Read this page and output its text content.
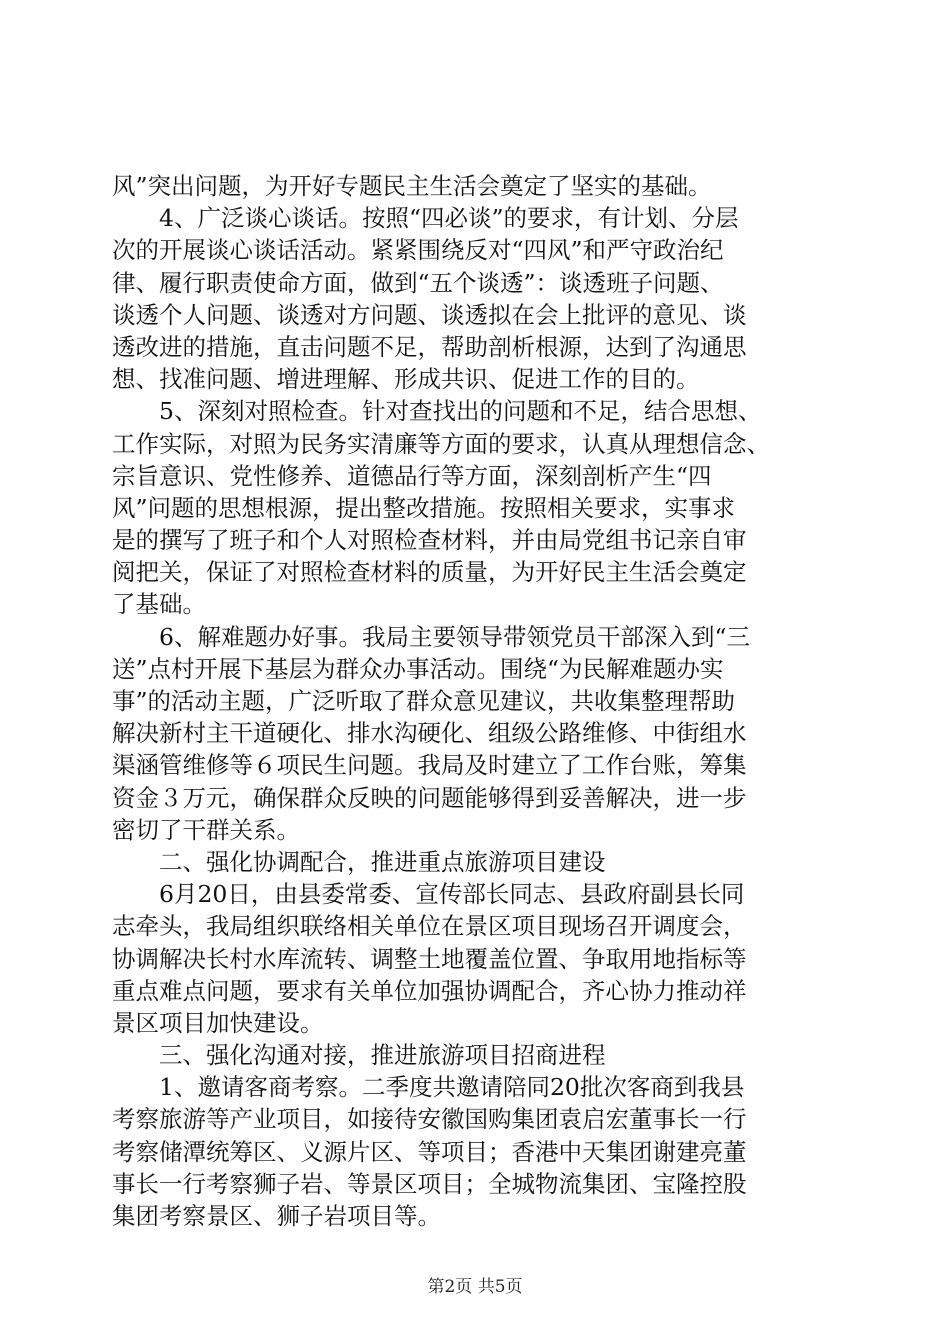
风”突出问题，为开好专题民主生活会奠定了坚实的基础。
4、广泛谈心谈话。按照“四必谈”的要求，有计划、分层
次的开展谈心谈话活动。紧紧围绕反对“四风”和严守政治纪
律、履行职责使命方面，做到“五个谈透”：谈透班子问题、
谈透个人问题、谈透对方问题、谈透拟在会上批评的意见、谈
透改进的措施，直击问题不足，帮助剖析根源，达到了沟通思
想、找准问题、增进理解、形成共识、促进工作的目的。
5、深刻对照检查。针对查找出的问题和不足，结合思想、
工作实际，对照为民务实清廉等方面的要求，认真从理想信念、
宗旨意识、党性修养、道德品行等方面，深刻剖析产生“四
风”问题的思想根源，提出整改措施。按照相关要求，实事求
是的撰写了班子和个人对照检查材料，并由局党组书记亲自审
阅把关，保证了对照检查材料的质量，为开好民主生活会奠定
了基础。
6、解难题办好事。我局主要领导带领党员干部深入到“三
送”点村开展下基层为群众办事活动。围绕“为民解难题办实
事”的活动主题，广泛听取了群众意见建议，共收集整理帮助
解决新村主干道硬化、排水沟硬化、组级公路维修、中街组水
渠涵管维修等６项民生问题。我局及时建立了工作台账，筹集
资金３万元，确保群众反映的问题能够得到妥善解决，进一步
密切了干群关系。
二、强化协调配合，推进重点旅游项目建设
6月20日，由县委常委、宣传部长同志、县政府副县长同
志牵头，我局组织联络相关单位在景区项目现场召开调度会，
协调解决长村水库流转、调整土地覆盖位置、争取用地指标等
重点难点问题，要求有关单位加强协调配合，齐心协力推动祥
景区项目加快建设。
三、强化沟通对接，推进旅游项目招商进程
1、邀请客商考察。二季度共邀请陪同20批次客商到我县
考察旅游等产业项目，如接待安徽国购集团袁启宏董事长一行
考察储潭统筹区、义源片区、等项目；香港中天集团谢建亮董
事长一行考察狮子岩、等景区项目；全城物流集团、宝隆控股
集团考察景区、狮子岩项目等。
第2页 共5页
